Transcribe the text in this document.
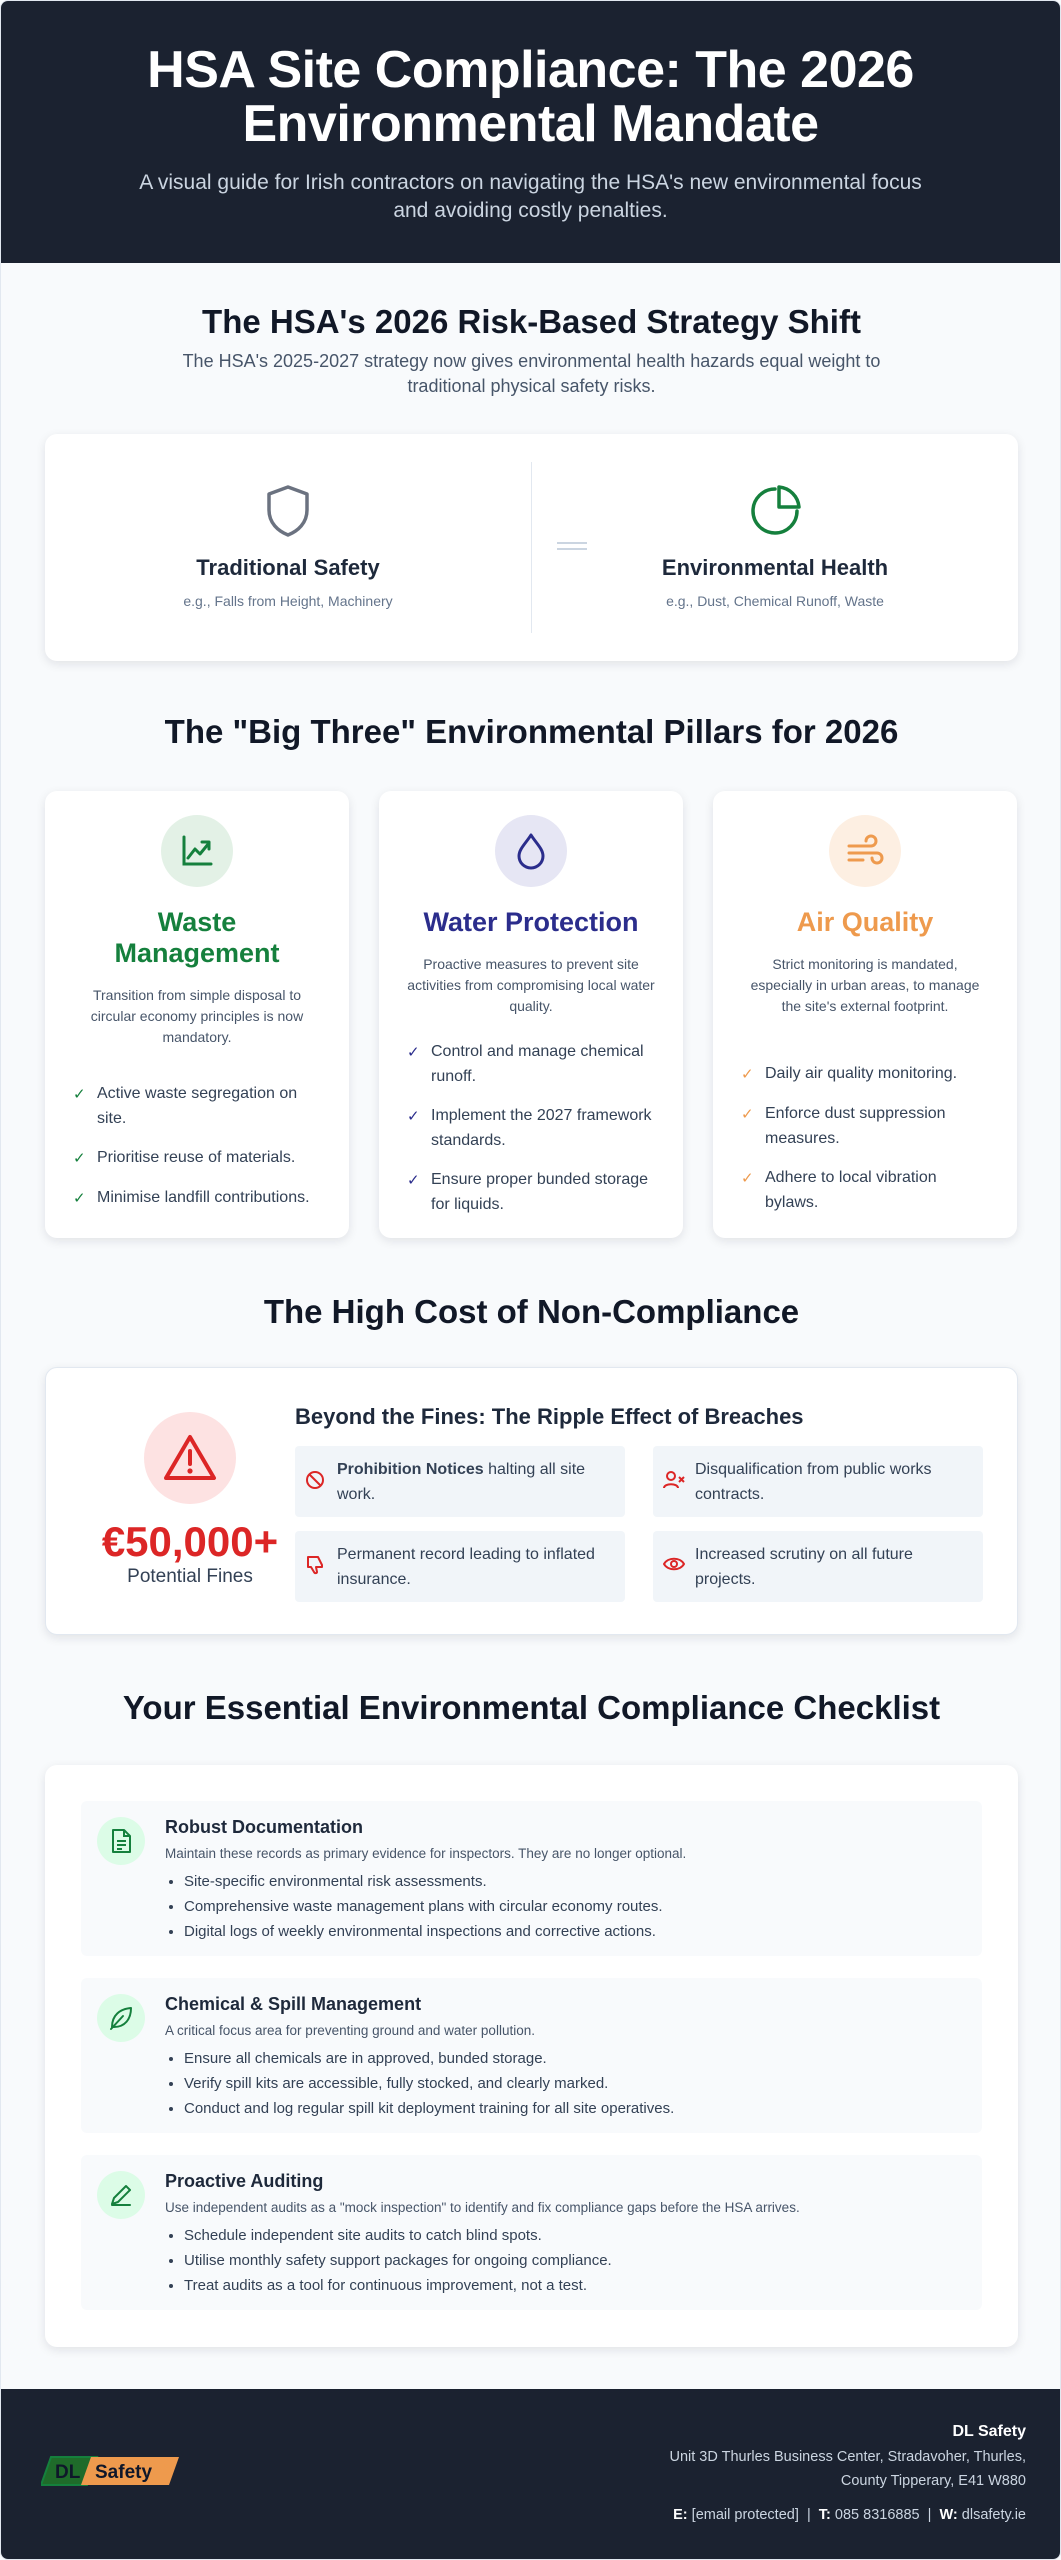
HSA Site Compliance: The 2026 Environmental Mandate

A visual guide for Irish contractors on navigating the HSA's new environmental focus and avoiding costly penalties.

The HSA's 2026 Risk-Based Strategy Shift

The HSA's 2025-2027 strategy now gives environmental health hazards equal weight to traditional physical safety risks.

Traditional Safety

e.g., Falls from Height, Machinery

Environmental Health

e.g., Dust, Chemical Runoff, Waste

The "Big Three" Environmental Pillars for 2026
Waste Management

Transition from simple disposal to circular economy principles is now mandatory.

✓ Active waste segregation on site.
✓ Prioritise reuse of materials.
✓ Minimise landfill contributions.
Water Protection

Proactive measures to prevent site activities from compromising local water quality.

✓ Control and manage chemical runoff.
✓ Implement the 2027 framework standards.
✓ Ensure proper bunded storage for liquids.
Air Quality

Strict monitoring is mandated, especially in urban areas, to manage the site's external footprint.

✓ Daily air quality monitoring.
✓ Enforce dust suppression measures.
✓ Adhere to local vibration bylaws.
The High Cost of Non-Compliance
€50,000+
Potential Fines
Beyond the Fines: The Ripple Effect of Breaches
Prohibition Notices halting all site work.
Disqualification from public works contracts.
Permanent record leading to inflated insurance.
Increased scrutiny on all future projects.
Your Essential Environmental Compliance Checklist
Robust Documentation

Maintain these records as primary evidence for inspectors. They are no longer optional.

• Site-specific environmental risk assessments.
• Comprehensive waste management plans with circular economy routes.
• Digital logs of weekly environmental inspections and corrective actions.
Chemical & Spill Management

A critical focus area for preventing ground and water pollution.

• Ensure all chemicals are in approved, bunded storage.
• Verify spill kits are accessible, fully stocked, and clearly marked.
• Conduct and log regular spill kit deployment training for all site operatives.
Proactive Auditing

Use independent audits as a "mock inspection" to identify and fix compliance gaps before the HSA arrives.

• Schedule independent site audits to catch blind spots.
• Utilise monthly safety support packages for ongoing compliance.
• Treat audits as a tool for continuous improvement, not a test.
DL Safety
DL Safety
Unit 3D Thurles Business Center, Stradavoher, Thurles,
County Tipperary, E41 W880
E: [email protected] | T: 085 8316885 | W: dlsafety.ie
